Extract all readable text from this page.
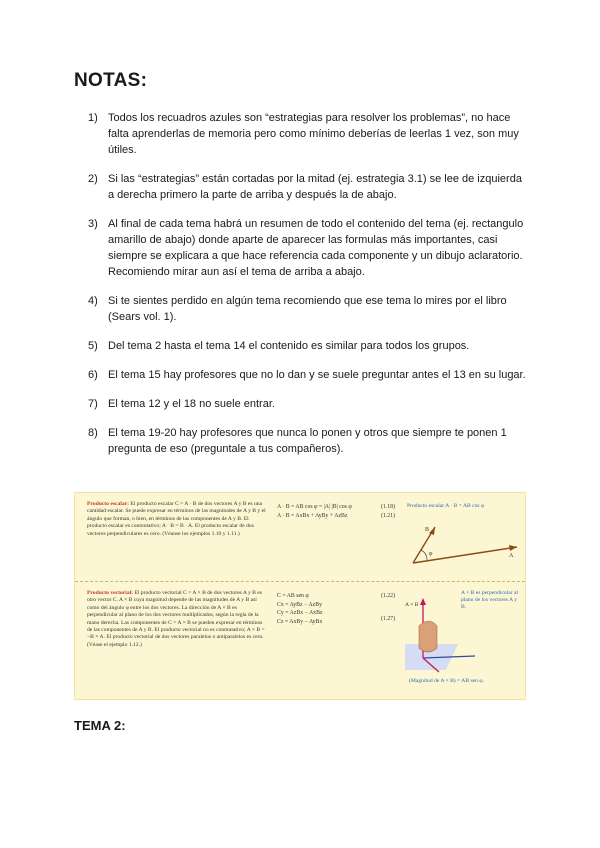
NOTAS:
1) Todos los recuadros azules son “estrategias para resolver los problemas”, no hace falta aprenderlas de memoria pero como mínimo deberías de leerlas 1 vez, son muy útiles.
2) Si las “estrategias” están cortadas por la mitad (ej. estrategia 3.1) se lee de izquierda a derecha primero la parte de arriba y después la de abajo.
3) Al final de cada tema habrá un resumen de todo el contenido del tema (ej. rectangulo amarillo de abajo) donde aparte de aparecer las formulas más importantes, casi siempre se explicara a que hace referencia cada componente y un dibujo aclaratorio. Recomiendo mirar aun así el tema de arriba a abajo.
4) Si te sientes perdido en algún tema recomiendo que ese tema lo mires por el libro (Sears vol. 1).
5) Del tema 2 hasta el tema 14 el contenido es similar para todos los grupos.
6) El tema 15 hay profesores que no lo dan y se suele preguntar antes el 13 en su lugar.
7) El tema 12 y el 18 no suele entrar.
8) El tema 19-20 hay profesores que nunca lo ponen y otros que siempre te ponen 1 pregunta de eso (preguntale a tus compañeros).
Producto escalar: El producto escalar C = A · B de dos vectores A y B es una cantidad escalar. Se puede expresar en términos de las magnitudes de A y B y el ángulo que forman, o bien, en términos de las componentes de A y B. El producto escalar es conmutativo; A · B = B · A. El producto escalar de dos vectores perpendiculares es cero. (Véanse los ejemplos 1.10 y 1.11.)
A · B = AB cos φ = |A| |B| cos φ
A · B = AxBx + AyBy + AzBz
(1.18)
(1.21)
Producto escalar A · B = AB cos φ
A
B
φ
Producto vectorial: El producto vectorial C = A × B de dos vectores A y B es otro vector C. A × B cuya magnitud depende de las magnitudes de A y B así como del ángulo φ entre los dos vectores. La dirección de A × B es perpendicular al plano de los dos vectores multiplicados, según la regla de la mano derecha. Las componentes de C = A × B se pueden expresar en términos de las componentes de A y B. El producto vectorial no es conmutativo; A × B = −B × A. El producto vectorial de dos vectores paralelos o antiparalelos es cero. (Véase el ejemplo 1.12.)
C = AB sen φ
Cx = AyBz − AzBy
Cy = AzBx − AxBz
Cz = AxBy − AyBx
(1.22)
(1.27)
A × B
A × B es perpendicular al plano de los vectores A y B.
(Magnitud de A × B) = AB sen φ.
TEMA 2:
